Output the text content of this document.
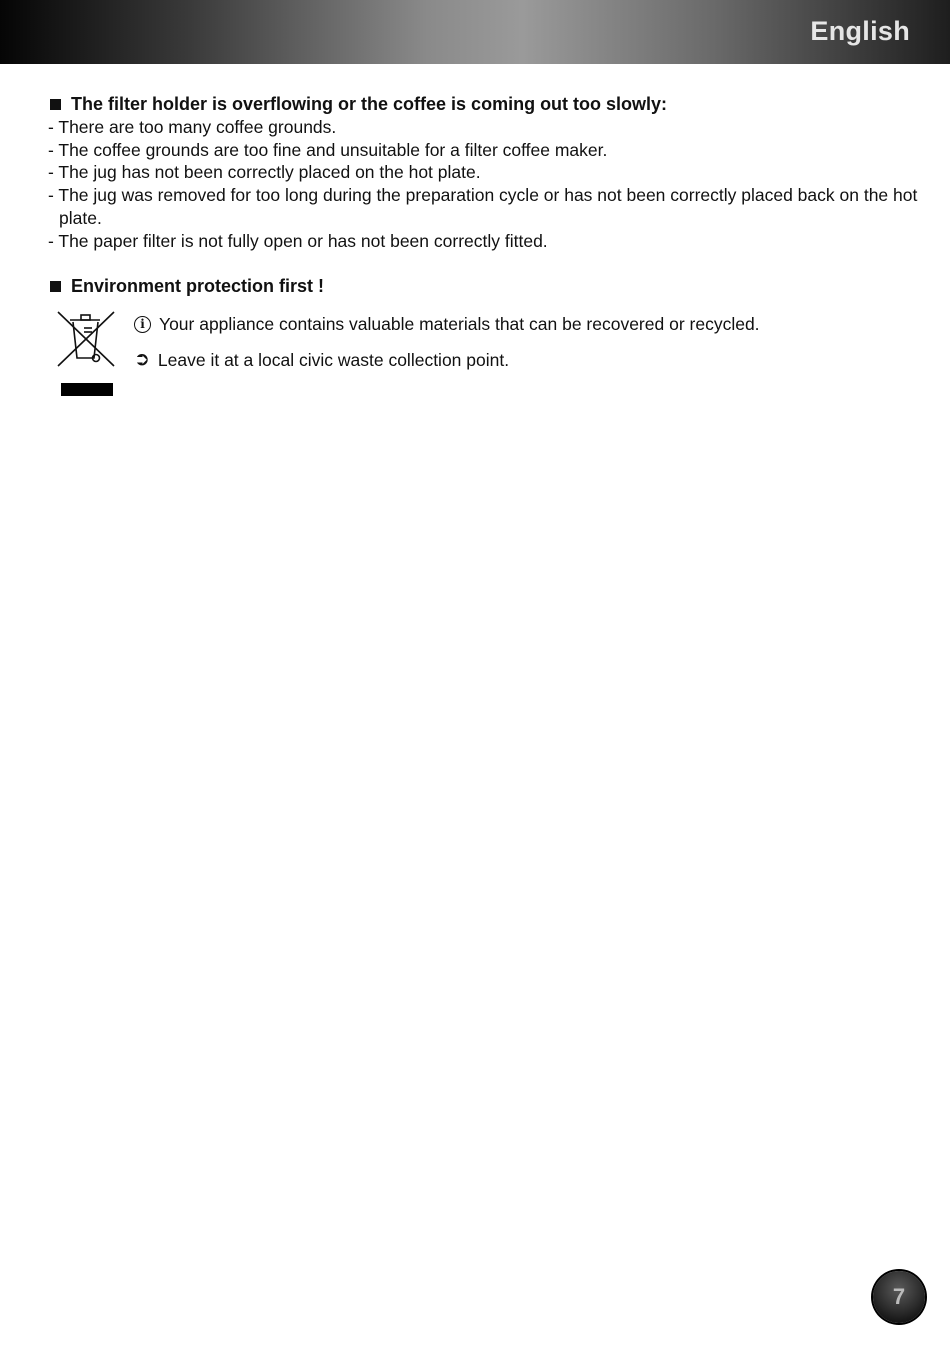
English
The filter holder is overflowing or the coffee is coming out too slowly:
- There are too many coffee grounds.
- The coffee grounds are too fine and unsuitable for a filter coffee maker.
- The jug has not been correctly placed on the hot plate.
- The jug was removed for too long during the preparation cycle or has not been correctly placed back on the hot plate.
- The paper filter is not fully open or has not been correctly fitted.
Environment protection first !
i Your appliance contains valuable materials that can be recovered or recycled.
➲ Leave it at a local civic waste collection point.
7
